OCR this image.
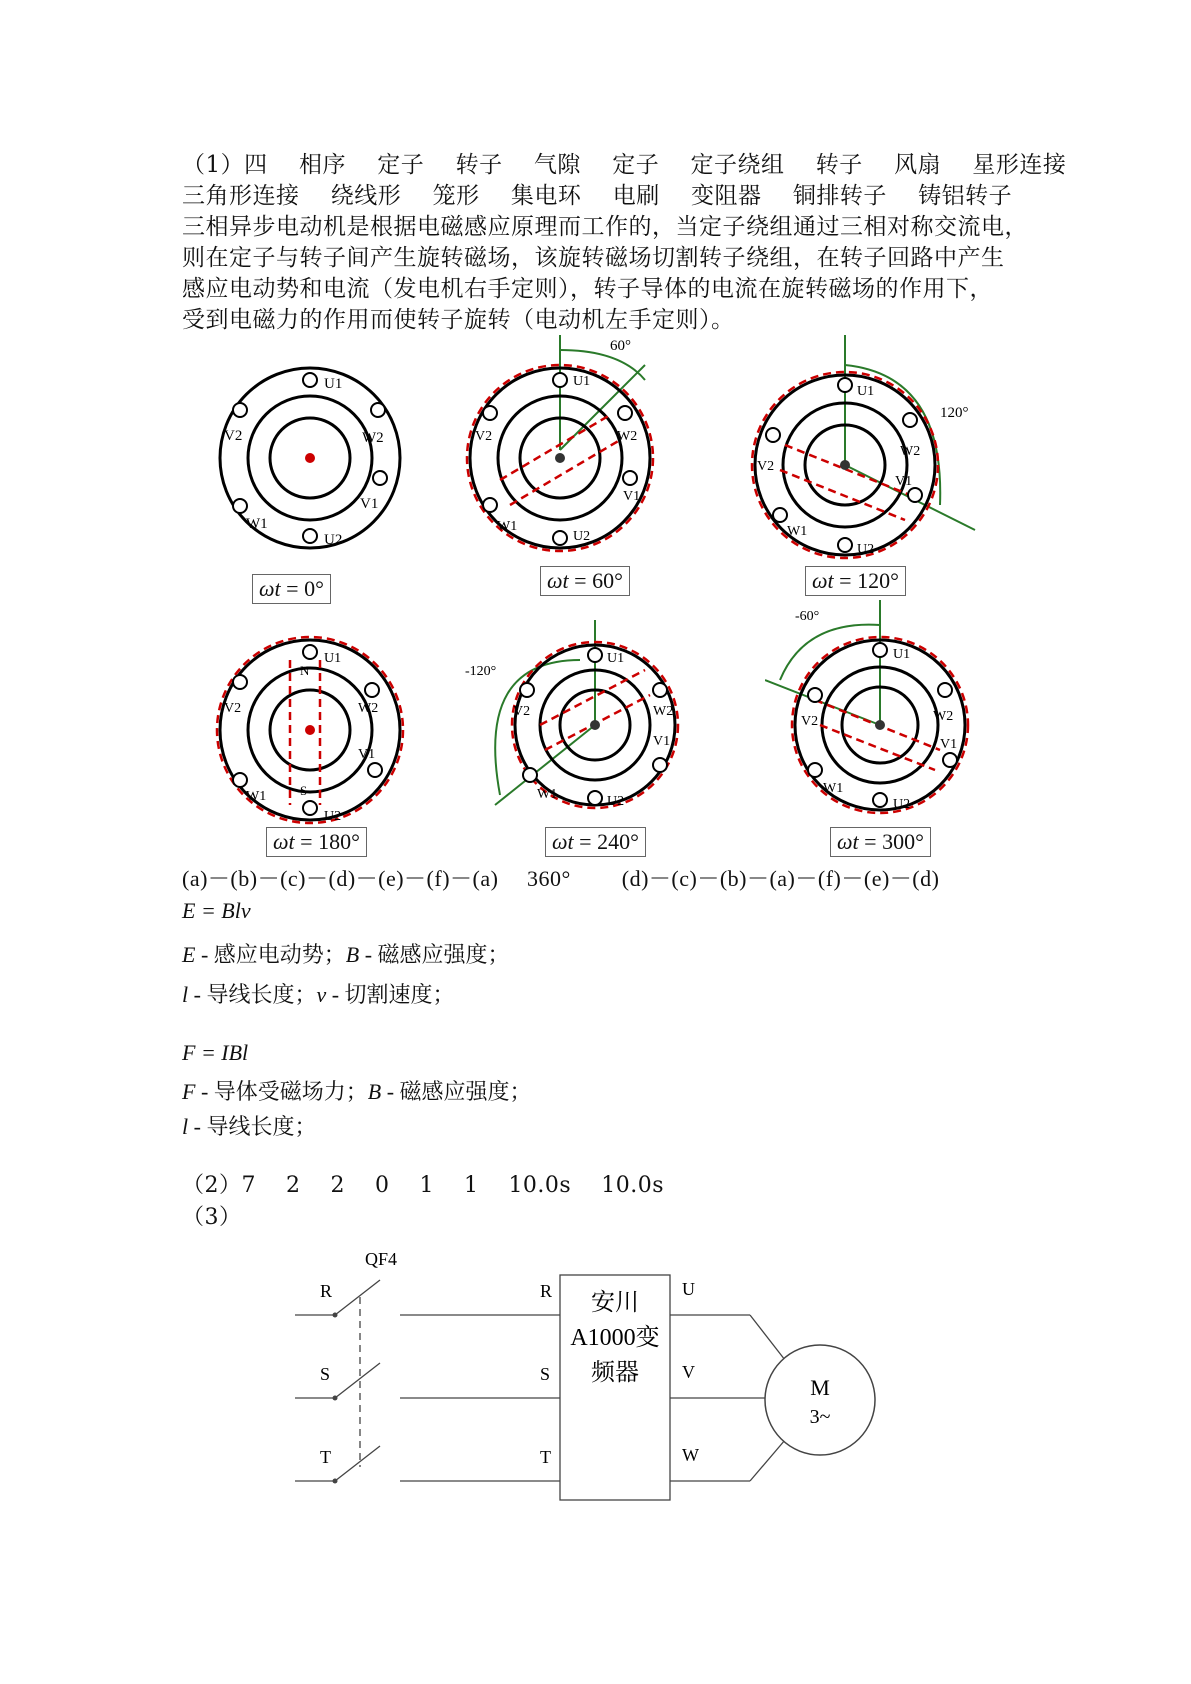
（1）四　 相序　 定子　 转子　 气隙　 定子　 定子绕组　 转子　 风扇　 星形连接
三角形连接　 绕线形　 笼形　 集电环　 电刷　 变阻器　 铜排转子　 铸铝转子
三相异步电动机是根据电磁感应原理而工作的，当定子绕组通过三相对称交流电，
则在定子与转子间产生旋转磁场，该旋转磁场切割转子绕组，在转子回路中产生
感应电动势和电流（发电机右手定则），转子导体的电流在旋转磁场的作用下，
受到电磁力的作用而使转子旋转（电动机左手定则）。
U1
U2
V2	W2
V1
W1
ωt = 0°
60°
U1
U2
V2	W2
V1
W1
ωt = 60°
120°
U1
U2
V2
W2
V1
W1
ωt = 120°
N
S
U1
U2
V2	W2
V1
W1
ωt = 180°
-120°
U1
U2
V2	W2
V1
W1
ωt = 240°
-60°
U1
U2
V2	W2
V1
W1
ωt = 300°
(a)－(b)－(c)－(d)－(e)－(f)－(a)　 360°　　 (d)－(c)－(b)－(a)－(f)－(e)－(d)
E = Blv
E - 感应电动势；B - 磁感应强度；
l - 导线长度；v - 切割速度；
F = IBl
F - 导体受磁场力；B - 磁感应强度；
l - 导线长度；
（2）7　 2　 2　 0　 1　 1　 10.0s　 10.0s
（3）
QF4
R
S
T
R
S
T
安川
A1000变
频器
U
V
W
M
3~
